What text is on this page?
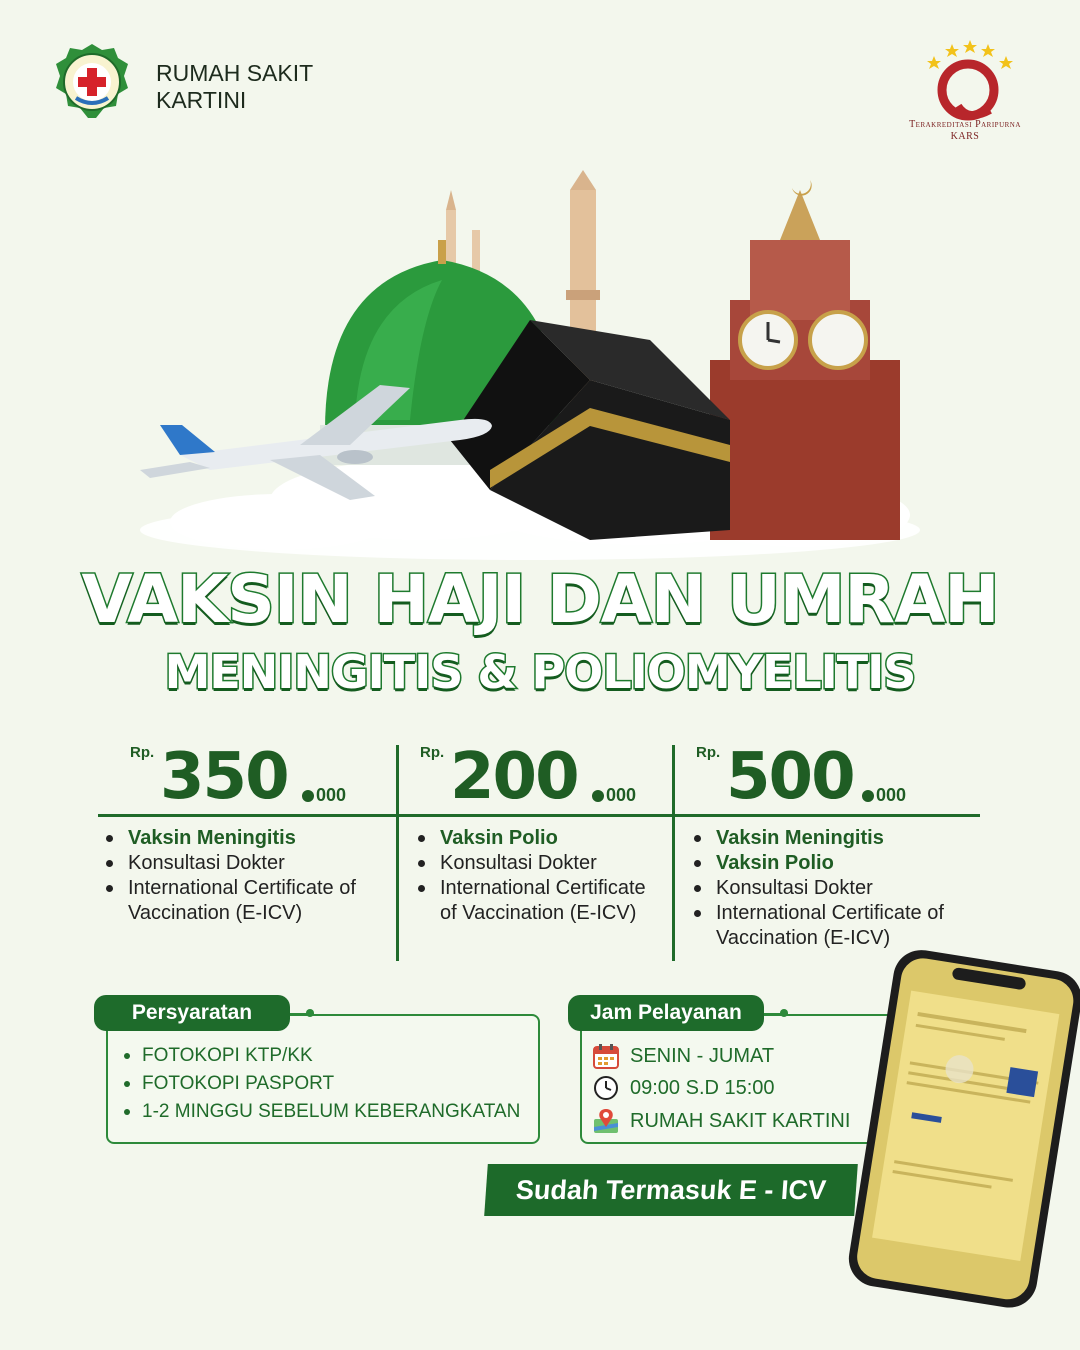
RUMAH SAKIT
KARTINI
Terakreditasi Paripurna
KARS
VAKSIN HAJI DAN UMRAH
MENINGITIS & POLIOMYELITIS
Rp. 350 000
Vaksin Meningitis
Konsultasi Dokter
International Certificate of Vaccination (E-ICV)
Rp. 200 000
Vaksin Polio
Konsultasi Dokter
International Certificate of Vaccination (E-ICV)
Rp. 500 000
Vaksin Meningitis
Vaksin Polio
Konsultasi Dokter
International Certificate of Vaccination (E-ICV)
Persyaratan
FOTOKOPI KTP/KK
FOTOKOPI PASPORT
1-2 MINGGU SEBELUM KEBERANGKATAN
Jam Pelayanan
SENIN - JUMAT
09:00 S.D 15:00
RUMAH SAKIT KARTINI
Sudah Termasuk E - ICV
